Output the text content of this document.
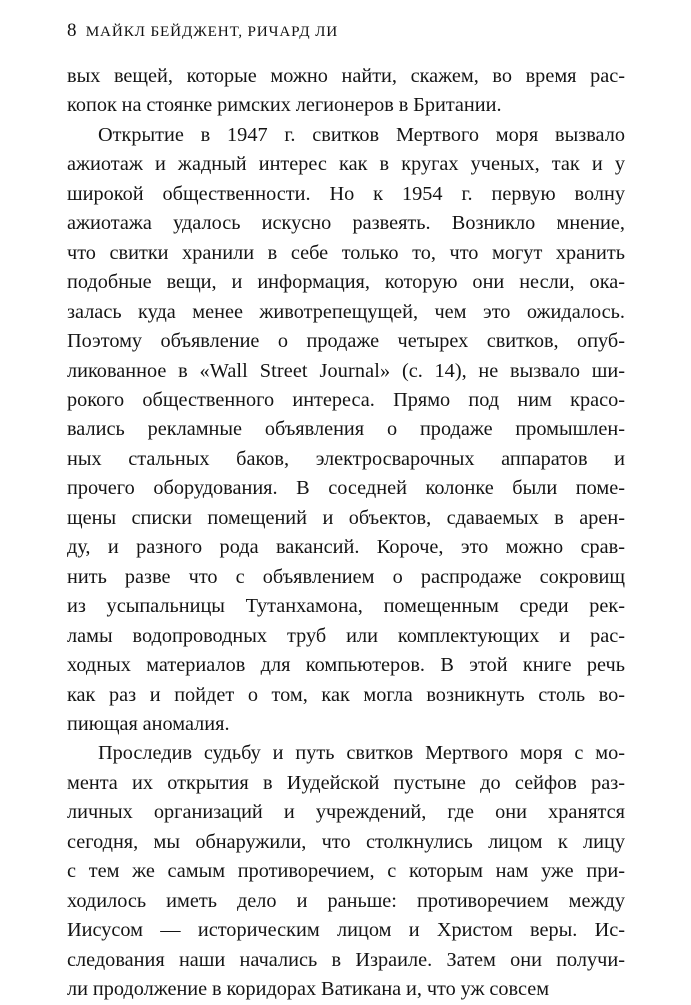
8 МАЙКЛ БЕЙДЖЕНТ, РИЧАРД ЛИ

вых вещей, которые можно найти, скажем, во время рас-
копок на стоянке римских легионеров в Британии.

Открытие в 1947 г. свитков Мертвого моря вызвало
ажиотаж и жадный интерес как в кругах ученых, так и у
широкой общественности. Но к 1954 г. первую волну
ажиотажа удалось искусно развеять. Возникло мнение,
что свитки хранили в себе только то, что могут хранить
подобные вещи, и информация, которую они несли, ока-
залась куда менее животрепещущей, чем это ожидалось.
Поэтому объявление о продаже четырех свитков, опуб-
ликованное в «Wall Street Journal» (с. 14), не вызвало ши-
рокого общественного интереса. Прямо под ним красо-
вались рекламные объявления о продаже промышлен-
ных стальных баков, электросварочных аппаратов и
прочего оборудования. В соседней колонке были поме-
щены списки помещений и объектов, сдаваемых в арен-
ду, и разного рода вакансий. Короче, это можно срав-
нить разве что с объявлением о распродаже сокровищ
из усыпальницы Тутанхамона, помещенным среди рек-
ламы водопроводных труб или комплектующих и рас-
ходных материалов для компьютеров. В этой книге речь
как раз и пойдет о том, как могла возникнуть столь во-
пиющая аномалия.

Проследив судьбу и путь свитков Мертвого моря с мо-
мента их открытия в Иудейской пустыне до сейфов раз-
личных организаций и учреждений, где они хранятся
сегодня, мы обнаружили, что столкнулись лицом к лицу
с тем же самым противоречием, с которым нам уже при-
ходилось иметь дело и раньше: противоречием между
Иисусом — историческим лицом и Христом веры. Ис-
следования наши начались в Израиле. Затем они получи-
ли продолжение в коридорах Ватикана и, что уж совсем
